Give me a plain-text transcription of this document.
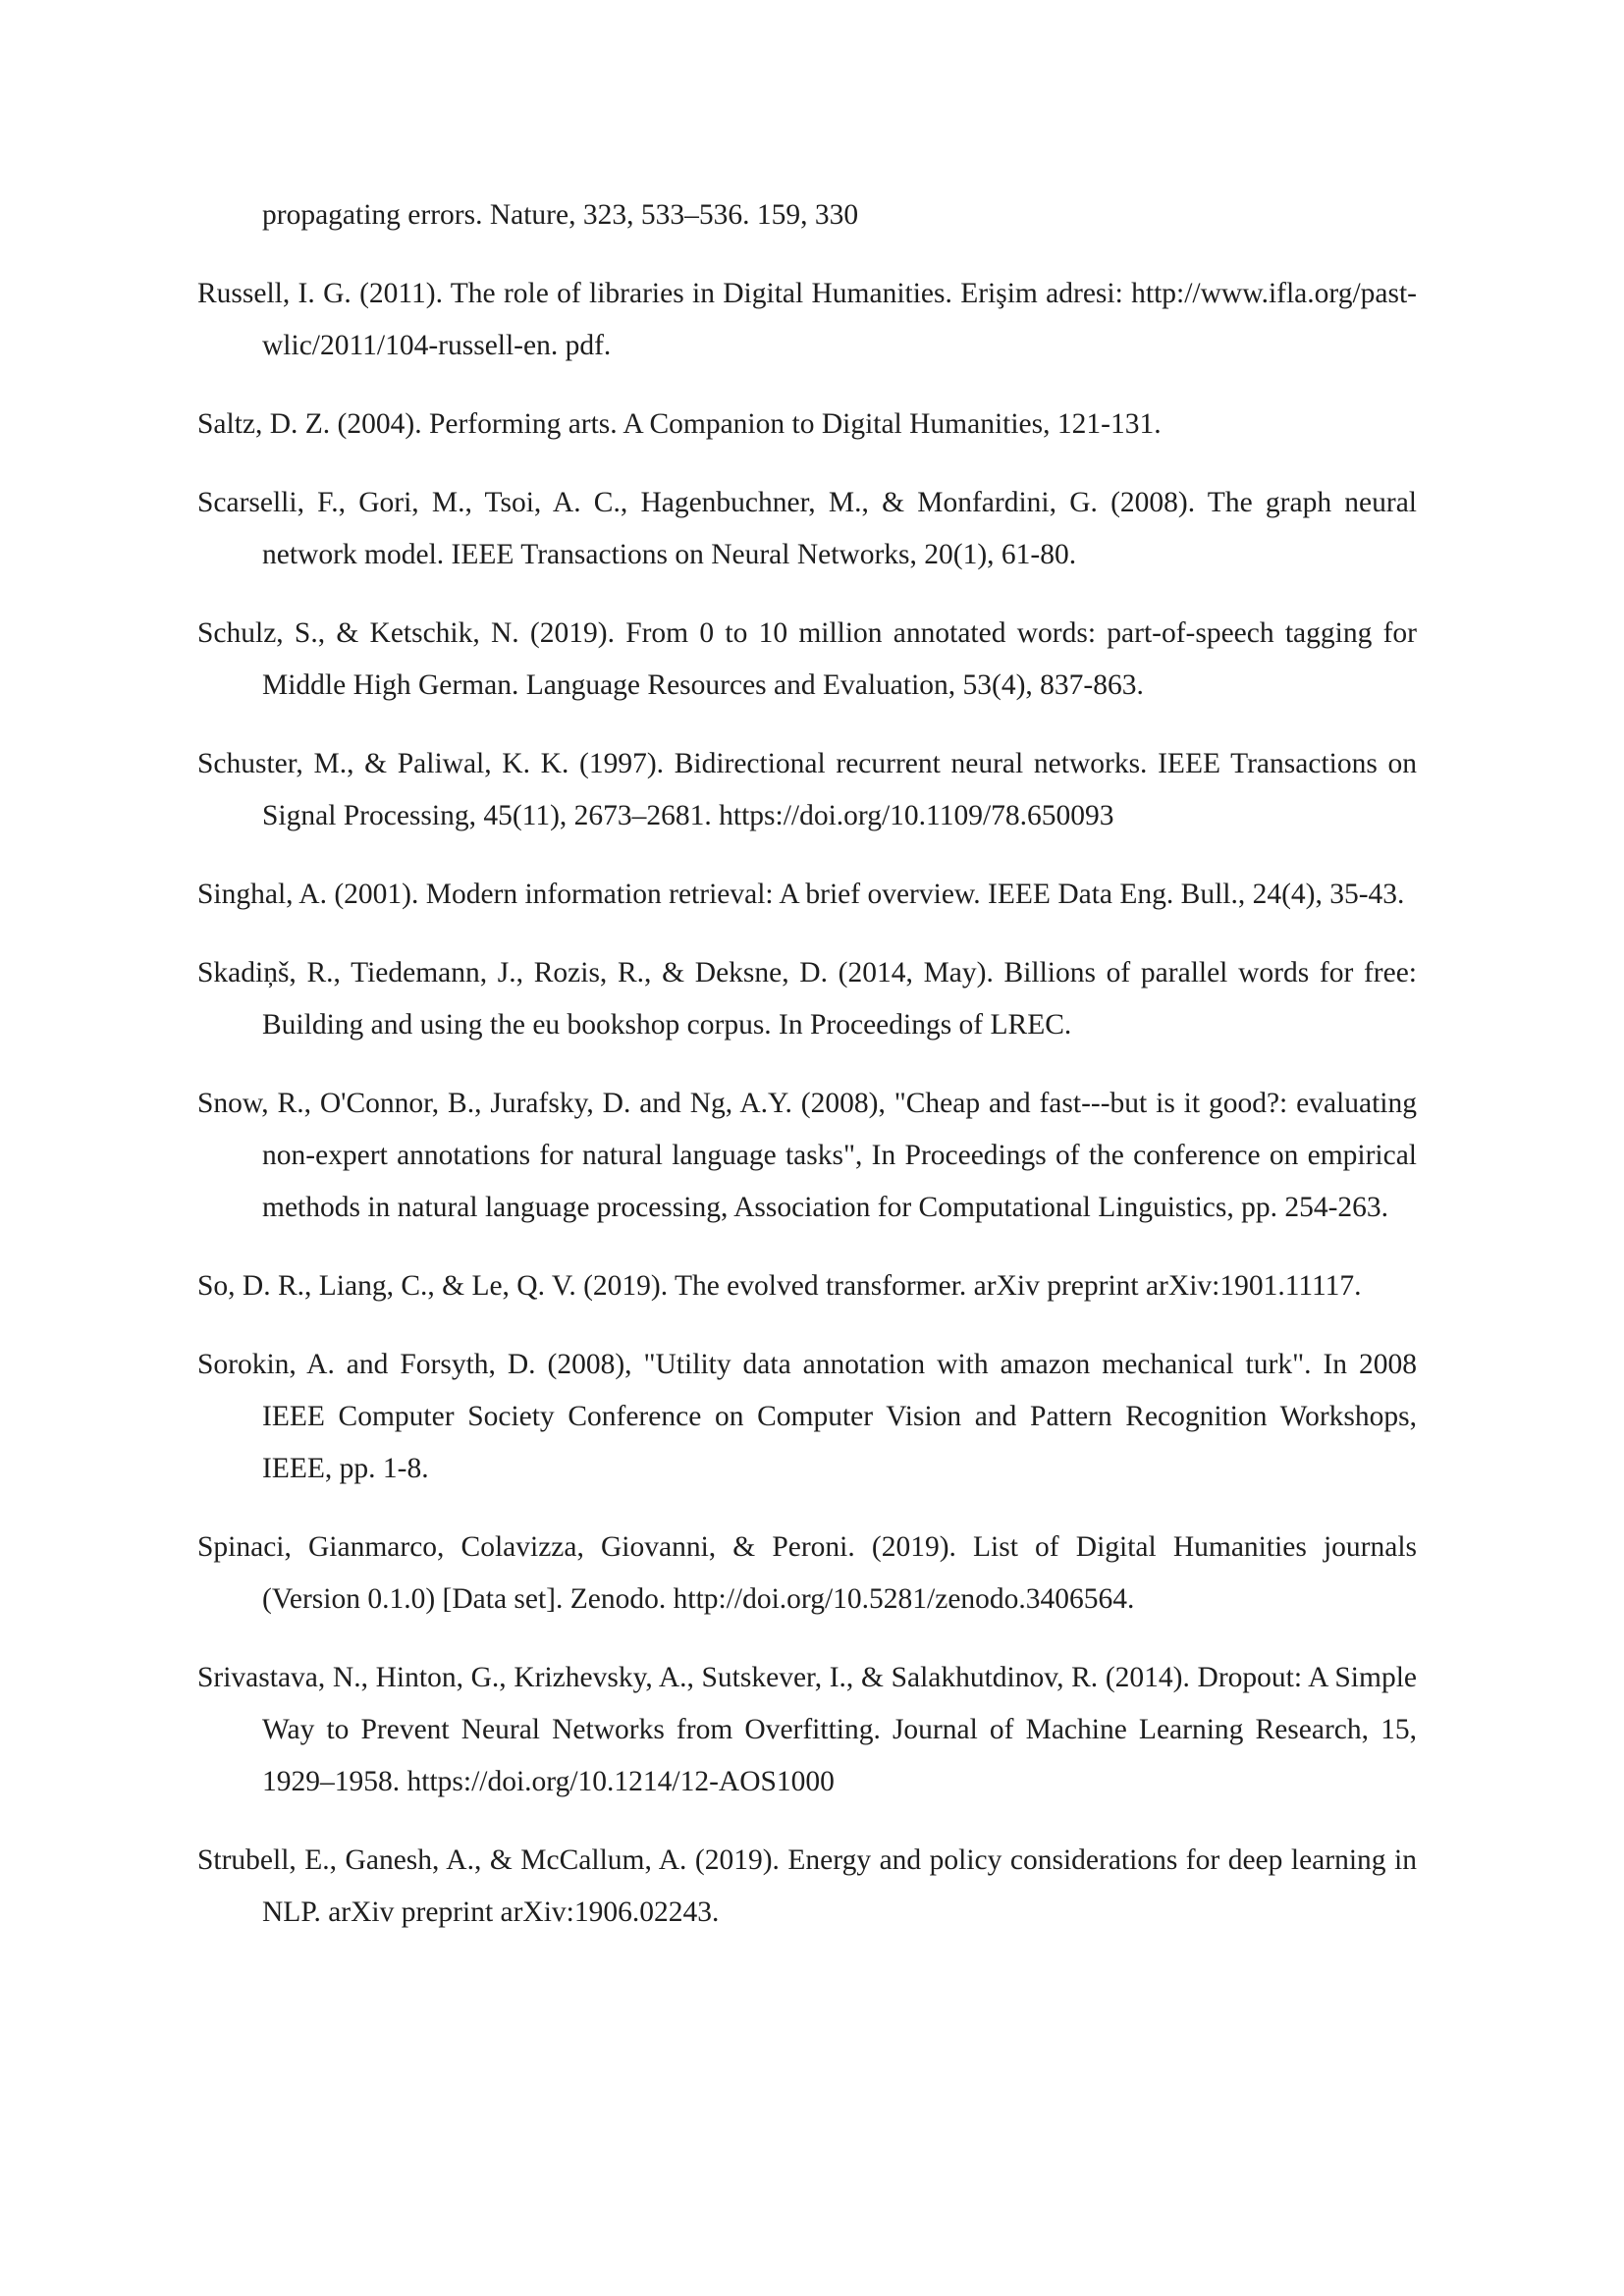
propagating errors. Nature, 323, 533–536. 159, 330

Russell, I. G. (2011). The role of libraries in Digital Humanities. Erişim adresi: http://www.ifla.org/past-wlic/2011/104-russell-en. pdf.

Saltz, D. Z. (2004). Performing arts. A Companion to Digital Humanities, 121-131.

Scarselli, F., Gori, M., Tsoi, A. C., Hagenbuchner, M., & Monfardini, G. (2008). The graph neural network model. IEEE Transactions on Neural Networks, 20(1), 61-80.

Schulz, S., & Ketschik, N. (2019). From 0 to 10 million annotated words: part-of-speech tagging for Middle High German. Language Resources and Evaluation, 53(4), 837-863.

Schuster, M., & Paliwal, K. K. (1997). Bidirectional recurrent neural networks. IEEE Transactions on Signal Processing, 45(11), 2673–2681. https://doi.org/10.1109/78.650093

Singhal, A. (2001). Modern information retrieval: A brief overview. IEEE Data Eng. Bull., 24(4), 35-43.

Skadiņš, R., Tiedemann, J., Rozis, R., & Deksne, D. (2014, May). Billions of parallel words for free: Building and using the eu bookshop corpus. In Proceedings of LREC.

Snow, R., O'Connor, B., Jurafsky, D. and Ng, A.Y. (2008), "Cheap and fast---but is it good?: evaluating non-expert annotations for natural language tasks", In Proceedings of the conference on empirical methods in natural language processing, Association for Computational Linguistics, pp. 254-263.

So, D. R., Liang, C., & Le, Q. V. (2019). The evolved transformer. arXiv preprint arXiv:1901.11117.

Sorokin, A. and Forsyth, D. (2008), "Utility data annotation with amazon mechanical turk". In 2008 IEEE Computer Society Conference on Computer Vision and Pattern Recognition Workshops, IEEE, pp. 1-8.

Spinaci, Gianmarco, Colavizza, Giovanni, & Peroni. (2019). List of Digital Humanities journals (Version 0.1.0) [Data set]. Zenodo. http://doi.org/10.5281/zenodo.3406564.

Srivastava, N., Hinton, G., Krizhevsky, A., Sutskever, I., & Salakhutdinov, R. (2014). Dropout: A Simple Way to Prevent Neural Networks from Overfitting. Journal of Machine Learning Research, 15, 1929–1958. https://doi.org/10.1214/12-AOS1000

Strubell, E., Ganesh, A., & McCallum, A. (2019). Energy and policy considerations for deep learning in NLP. arXiv preprint arXiv:1906.02243.
